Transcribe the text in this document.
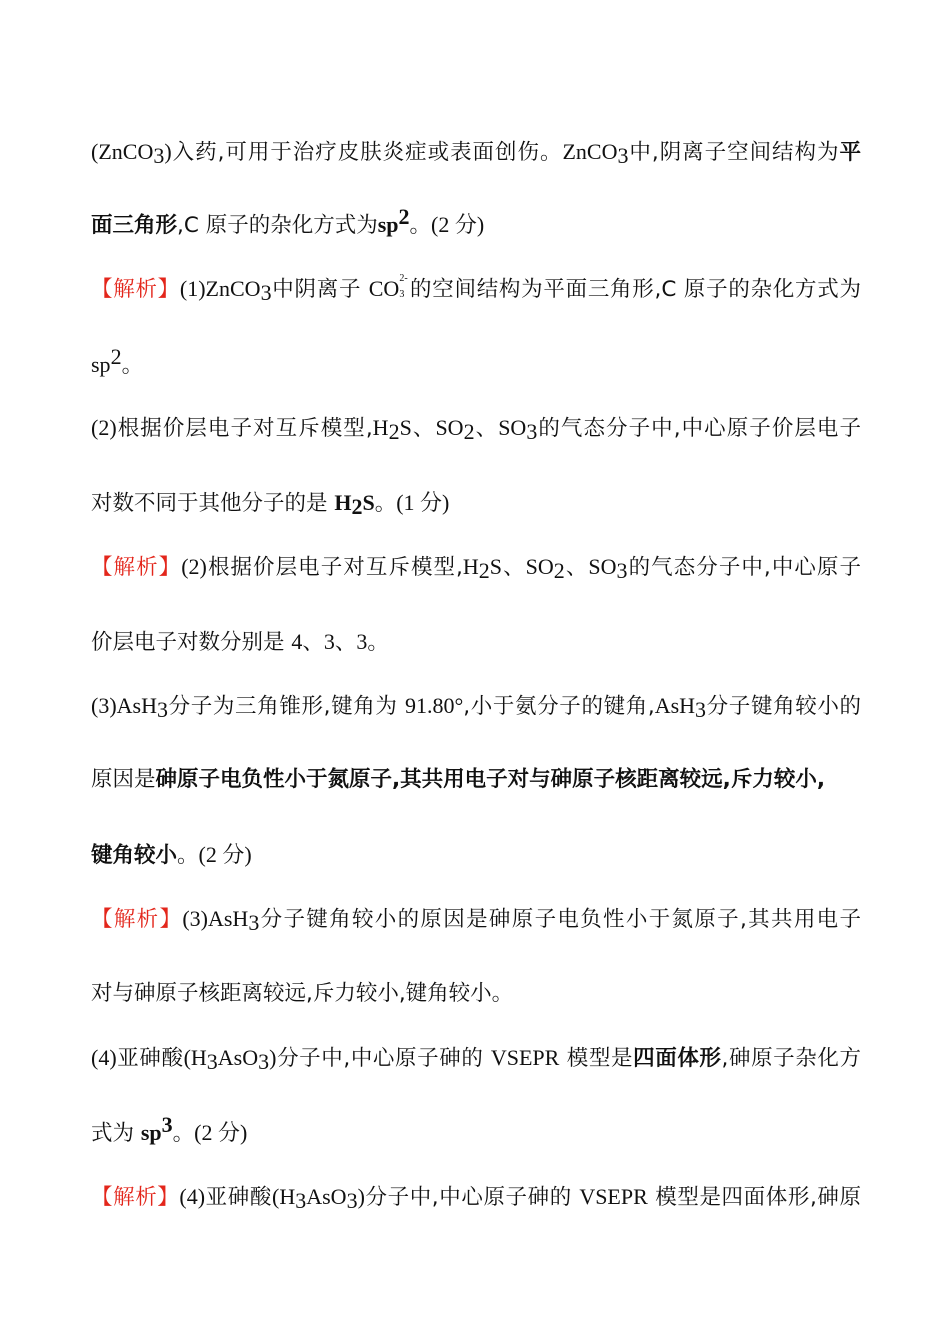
(ZnCO$_3$)入药,可用于治疗皮肤炎症或表面创伤。ZnCO$_3$中,阴离子空间结构为平
面三角形,C 原子的杂化方式为$sp^2$。(2 分)
【解析】(1)ZnCO$_3$中阴离子 CO 2-
3 的空间结构为平面三角形,C 原子的杂化方式为
$sp^2$。
(2)根据价层电子对互斥模型$,H_2S$、$SO_2$、$SO_3$的气态分子中,中心原子价层电子
对数不同于其他分子的是 $H_2S$。(1 分)
【解析】(2)根据价层电子对互斥模型$,H_2S$、$SO_2$、$SO_3$的气态分子中,中心原子
价层电子对数分别是 4、3、3。
(3)AsH$_3$分子为三角锥形,键角为 91.80°,小于氨分子的键角,AsH$_3$分子键角较小的
原因是砷原子电负性小于氮原子,其共用电子对与砷原子核距离较远,斥力较小,
键角较小。(2 分)
【解析】(3)AsH$_3$分子键角较小的原因是砷原子电负性小于氮原子,其共用电子
对与砷原子核距离较远,斥力较小,键角较小。
(4)亚砷酸$(H_3AsO_3)$分子中,中心原子砷的 VSEPR 模型是四面体形,砷原子杂化方
式为 $sp^3$。(2 分)
【解析】(4)亚砷酸$(H_3AsO_3)$分子中,中心原子砷的 VSEPR 模型是四面体形,砷原
